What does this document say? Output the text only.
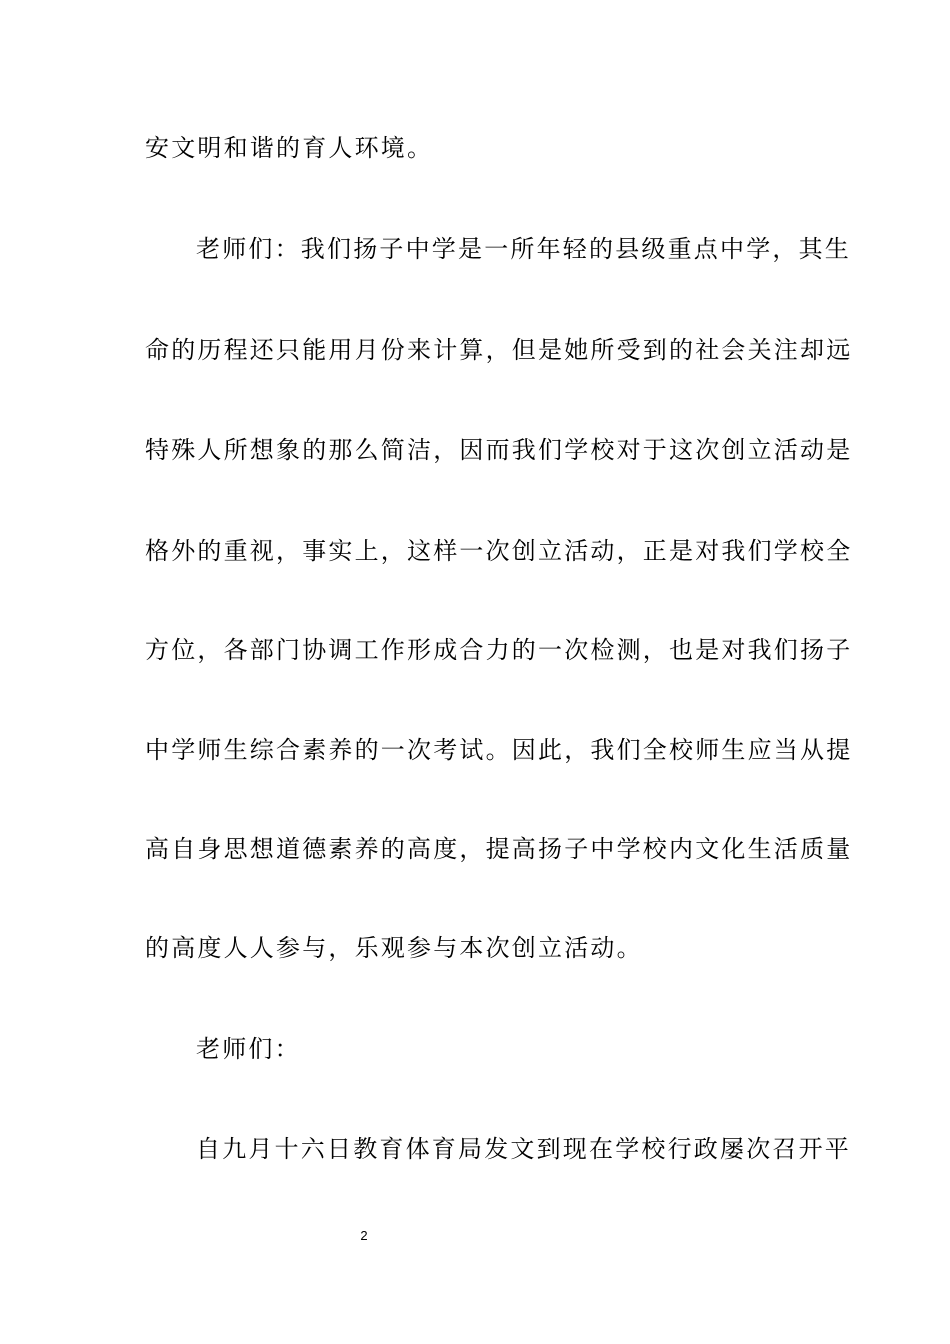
安文明和谐的育人环境。
老师们：我们扬子中学是一所年轻的县级重点中学，其生
命的历程还只能用月份来计算，但是她所受到的社会关注却远
特殊人所想象的那么简洁，因而我们学校对于这次创立活动是
格外的重视，事实上，这样一次创立活动，正是对我们学校全
方位，各部门协调工作形成合力的一次检测，也是对我们扬子
中学师生综合素养的一次考试。因此，我们全校师生应当从提
高自身思想道德素养的高度，提高扬子中学校内文化生活质量
的高度人人参与，乐观参与本次创立活动。
老师们：
自九月十六日教育体育局发文到现在学校行政屡次召开平
2
